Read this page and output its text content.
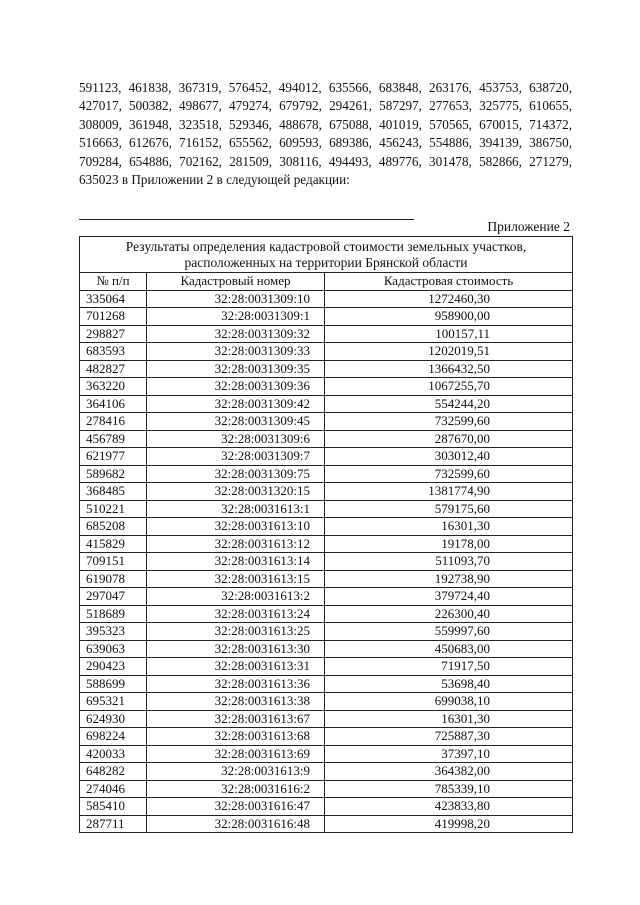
591123, 461838, 367319, 576452, 494012, 635566, 683848, 263176, 453753, 638720, 427017, 500382, 498677, 479274, 679792, 294261, 587297, 277653, 325775, 610655, 308009, 361948, 323518, 529346, 488678, 675088, 401019, 570565, 670015, 714372, 516663, 612676, 716152, 655562, 609593, 689386, 456243, 554886, 394139, 386750, 709284, 654886, 702162, 281509, 308116, 494493, 489776, 301478, 582866, 271279, 635023 в Приложении 2 в следующей редакции:

Приложение 2
Результаты определения кадастровой стоимости земельных участков,
расположенных на территории Брянской области		

№ п/п	Кадастровый номер	Кадастровая стоимость
335064	32:28:0031309:10	1272460,30
701268	32:28:0031309:1	958900,00
298827	32:28:0031309:32	100157,11
683593	32:28:0031309:33	1202019,51
482827	32:28:0031309:35	1366432,50
363220	32:28:0031309:36	1067255,70
364106	32:28:0031309:42	554244,20
278416	32:28:0031309:45	732599,60
456789	32:28:0031309:6	287670,00
621977	32:28:0031309:7	303012,40
589682	32:28:0031309:75	732599,60
368485	32:28:0031320:15	1381774,90
510221	32:28:0031613:1	579175,60
685208	32:28:0031613:10	16301,30
415829	32:28:0031613:12	19178,00
709151	32:28:0031613:14	511093,70
619078	32:28:0031613:15	192738,90
297047	32:28:0031613:2	379724,40
518689	32:28:0031613:24	226300,40
395323	32:28:0031613:25	559997,60
639063	32:28:0031613:30	450683,00
290423	32:28:0031613:31	71917,50
588699	32:28:0031613:36	53698,40
695321	32:28:0031613:38	699038,10
624930	32:28:0031613:67	16301,30
698224	32:28:0031613:68	725887,30
420033	32:28:0031613:69	37397,10
648282	32:28:0031613:9	364382,00
274046	32:28:0031616:2	785339,10
585410	32:28:0031616:47	423833,80
287711	32:28:0031616:48	419998,20
